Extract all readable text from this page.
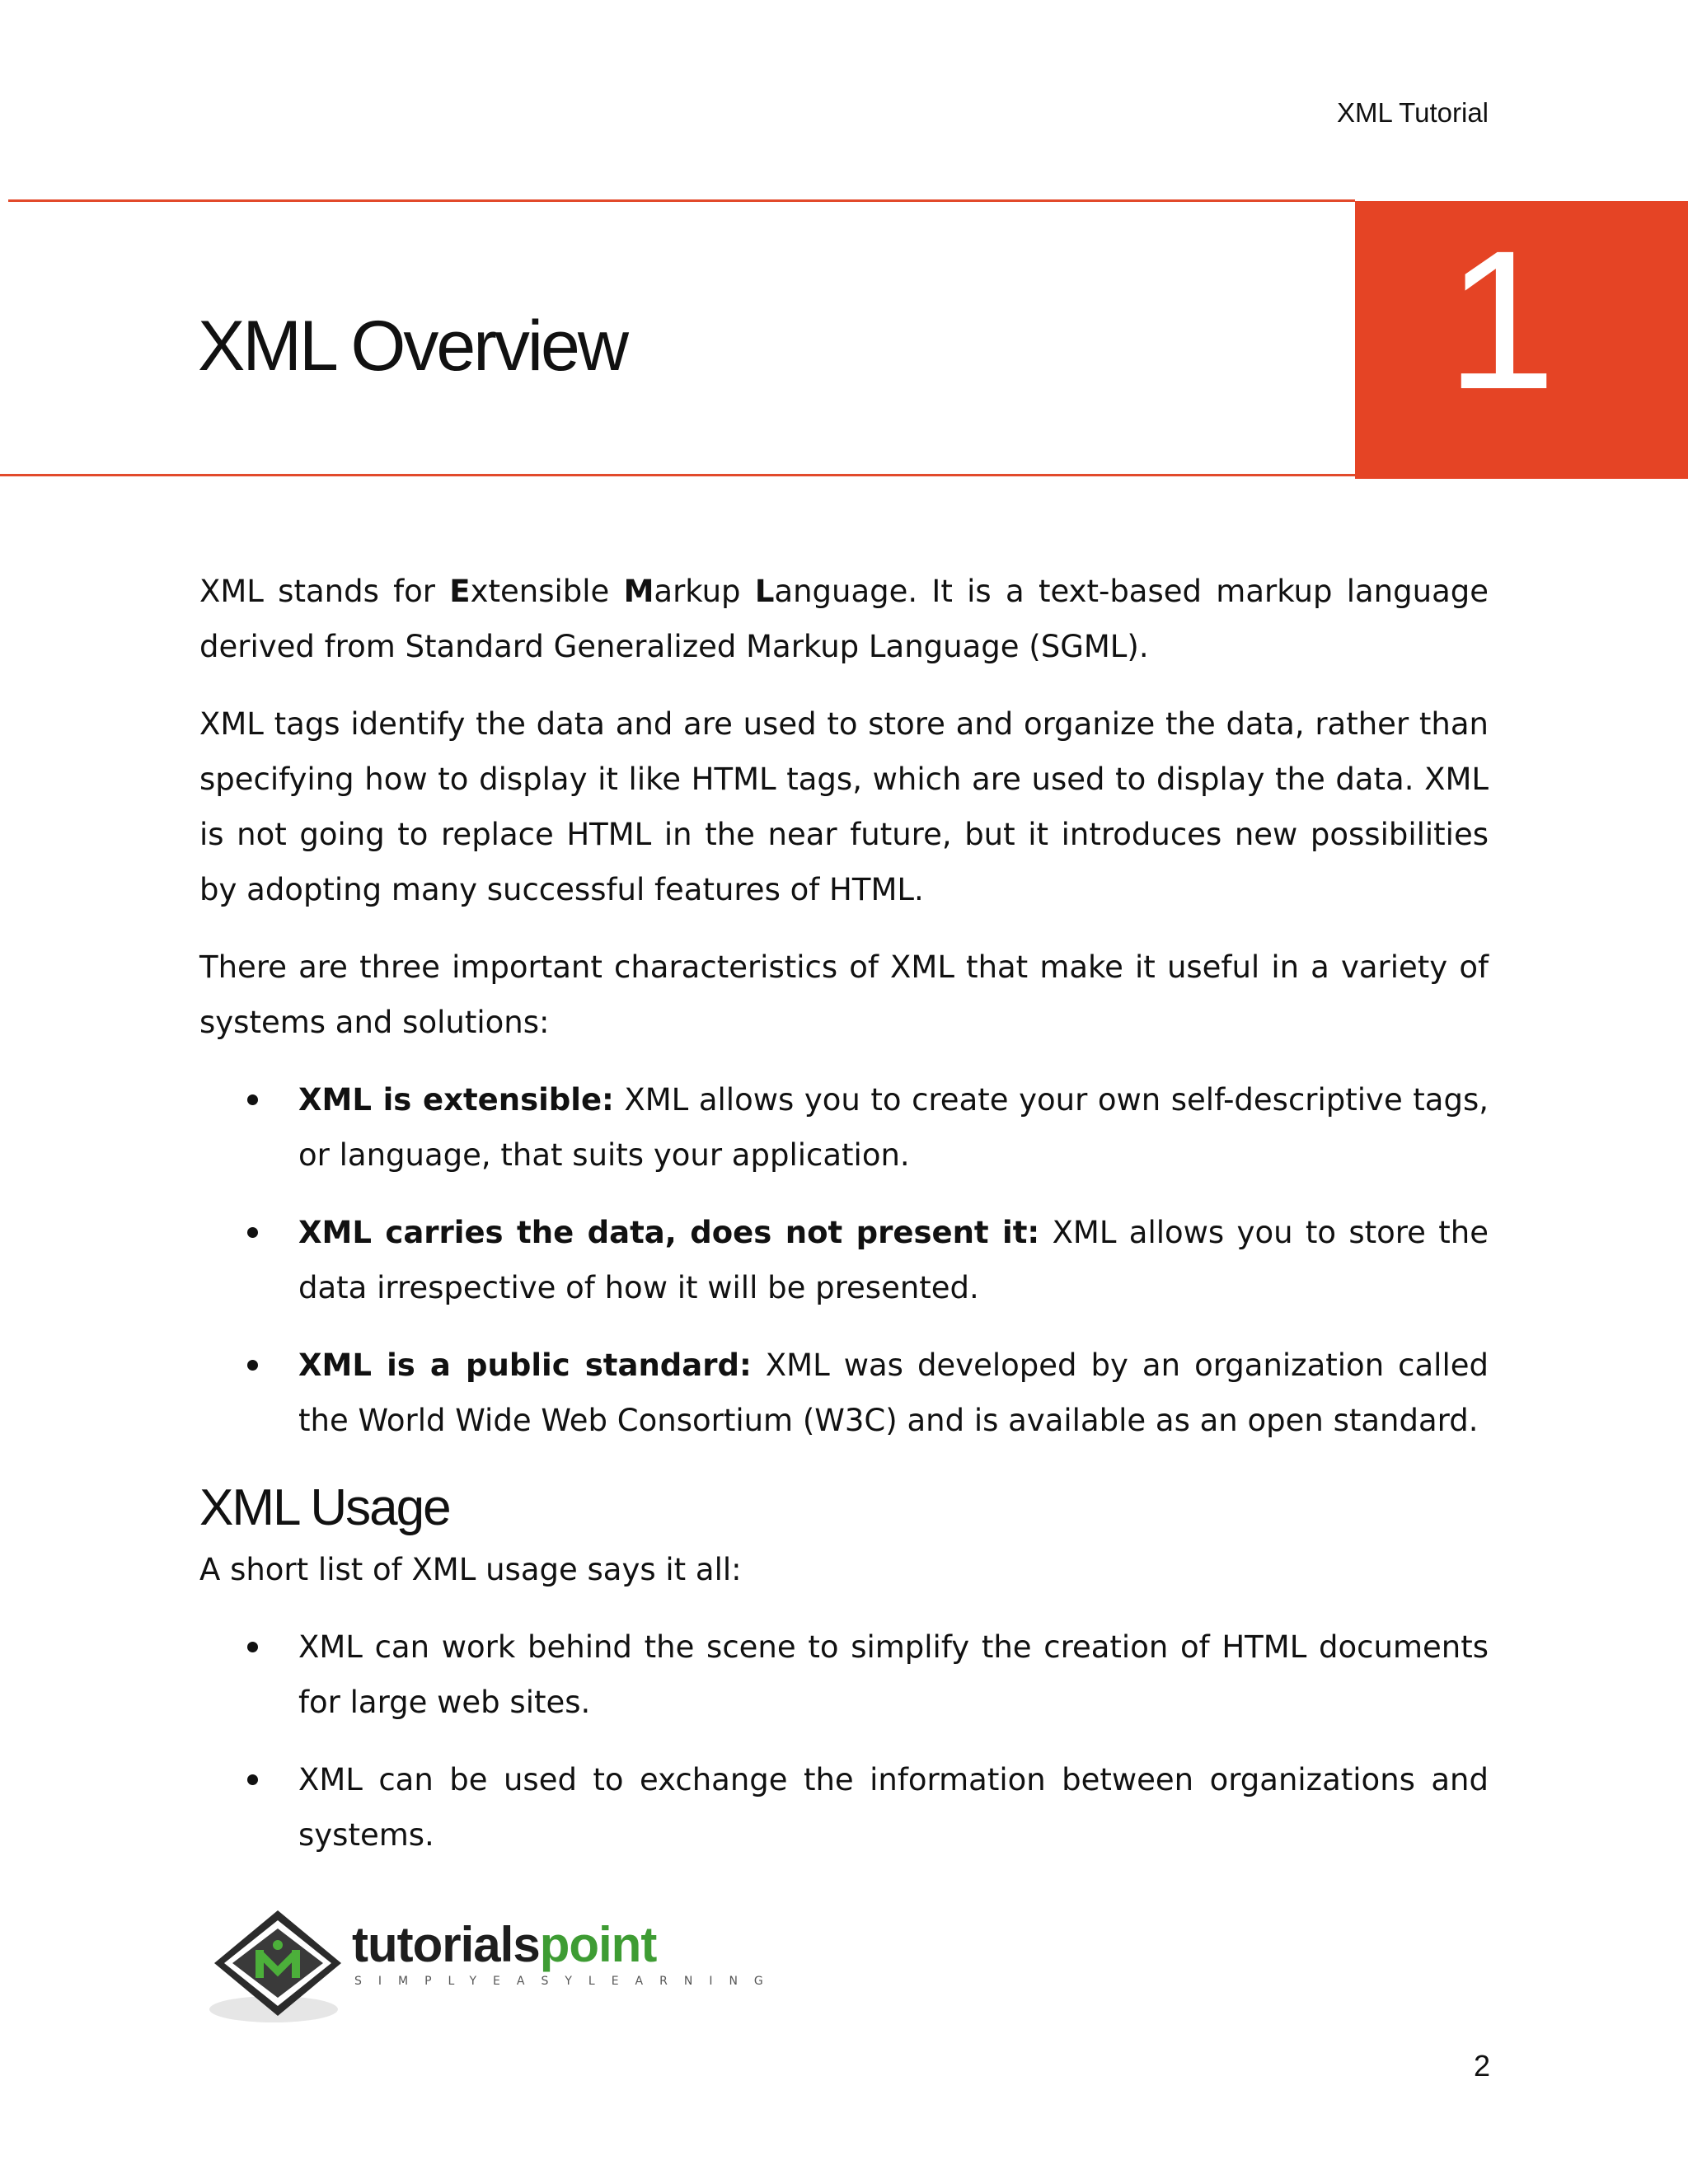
XML Tutorial
1
XML Overview

XML stands for Extensible Markup Language. It is a text-based markup language derived from Standard Generalized Markup Language (SGML).

XML tags identify the data and are used to store and organize the data, rather than specifying how to display it like HTML tags, which are used to display the data. XML is not going to replace HTML in the near future, but it introduces new possibilities by adopting many successful features of HTML.

There are three important characteristics of XML that make it useful in a variety of systems and solutions:

XML is extensible: XML allows you to create your own self-descriptive tags, or language, that suits your application.
XML carries the data, does not present it: XML allows you to store the data irrespective of how it will be presented.
XML is a public standard: XML was developed by an organization called the World Wide Web Consortium (W3C) and is available as an open standard.
XML Usage

A short list of XML usage says it all:

XML can work behind the scene to simplify the creation of HTML documents for large web sites.
XML can be used to exchange the information between organizations and systems.
tutorialspoint
SIMPLYEASYLEARNING
2
